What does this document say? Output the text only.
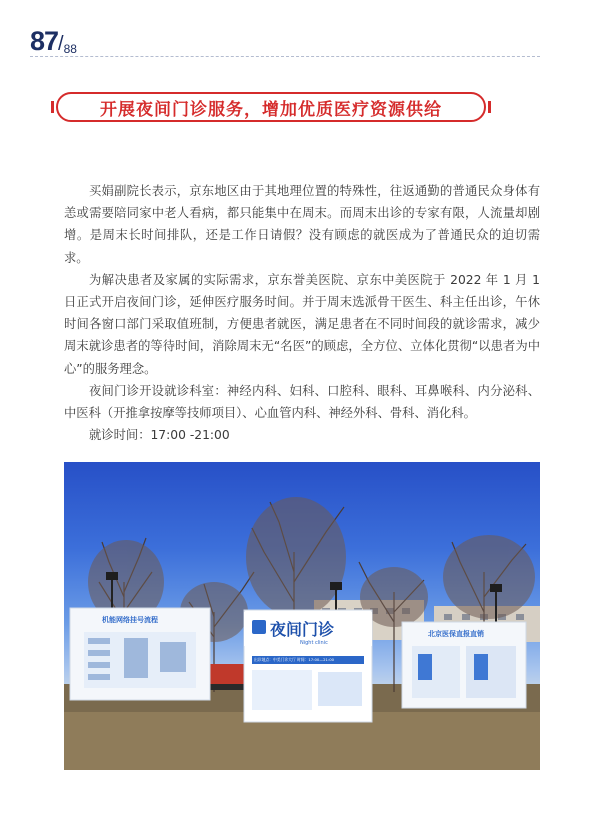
87/88
开展夜间门诊服务，增加优质医疗资源供给

买娟副院长表示，京东地区由于其地理位置的特殊性，往返通勤的普通民众身体有恙或需要陪同家中老人看病，都只能集中在周末。而周末出诊的专家有限，人流量却剧增。是周末长时间排队，还是工作日请假？没有顾虑的就医成为了普通民众的迫切需求。

为解决患者及家属的实际需求，京东誉美医院、京东中美医院于 2022 年 1 月 1 日正式开启夜间门诊，延伸医疗服务时间。并于周末选派骨干医生、科主任出诊，午休时间各窗口部门采取值班制，方便患者就医，满足患者在不同时间段的就诊需求，减少周末就诊患者的等待时间，消除周末无“名医”的顾虑，全方位、立体化贯彻“以患者为中心”的服务理念。

夜间门诊开设就诊科室：神经内科、妇科、口腔科、眼科、耳鼻喉科、内分泌科、中医科（开推拿按摩等技师项目）、心血管内科、神经外科、骨科、消化科。

就诊时间：17:00 -21:00

机能网络挂号流程	夜间门诊
Night clinic
出诊地点：中美门诊大厅 时间：17:00—21:00
北京医保直报直销
